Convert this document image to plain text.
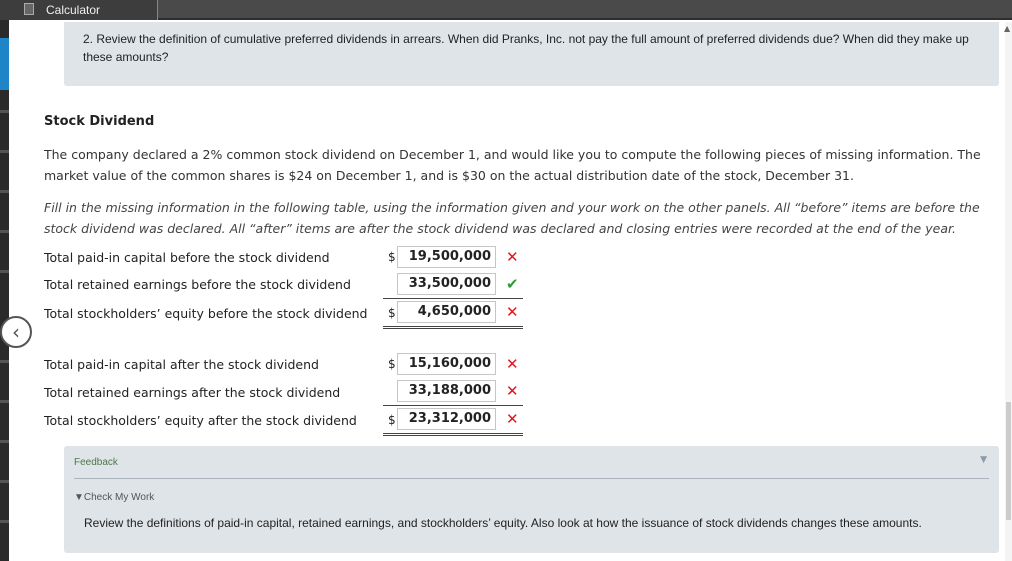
Calculator
‹
▲

2. Review the definition of cumulative preferred dividends in arrears. When did Pranks, Inc. not pay the full amount of preferred dividends due? When did they make up these amounts?

Stock Dividend
The company declared a 2% common stock dividend on December 1, and would like you to compute the following pieces of missing information. The market value of the common shares is $24 on December 1, and is $30 on the actual distribution date of the stock, December 31.
Fill in the missing information in the following table, using the information given and your work on the other panels. All “before” items are before the stock dividend was declared. All “after” items are after the stock dividend was declared and closing entries were recorded at the end of the year.
Total paid-in capital before the stock dividend	$	19,500,000	✕
Total retained earnings before the stock dividend	33,500,000	✔
Total stockholders’ equity before the stock dividend $	4,650,000	✕
Total paid-in capital after the stock dividend	$	15,160,000	✕
Total retained earnings after the stock dividend	33,188,000	✕
Total stockholders’ equity after the stock dividend	$	23,312,000	✕
Feedback	▼
▼Check My Work
Review the definitions of paid-in capital, retained earnings, and stockholders’ equity. Also look at how the issuance of stock dividends changes these amounts.
